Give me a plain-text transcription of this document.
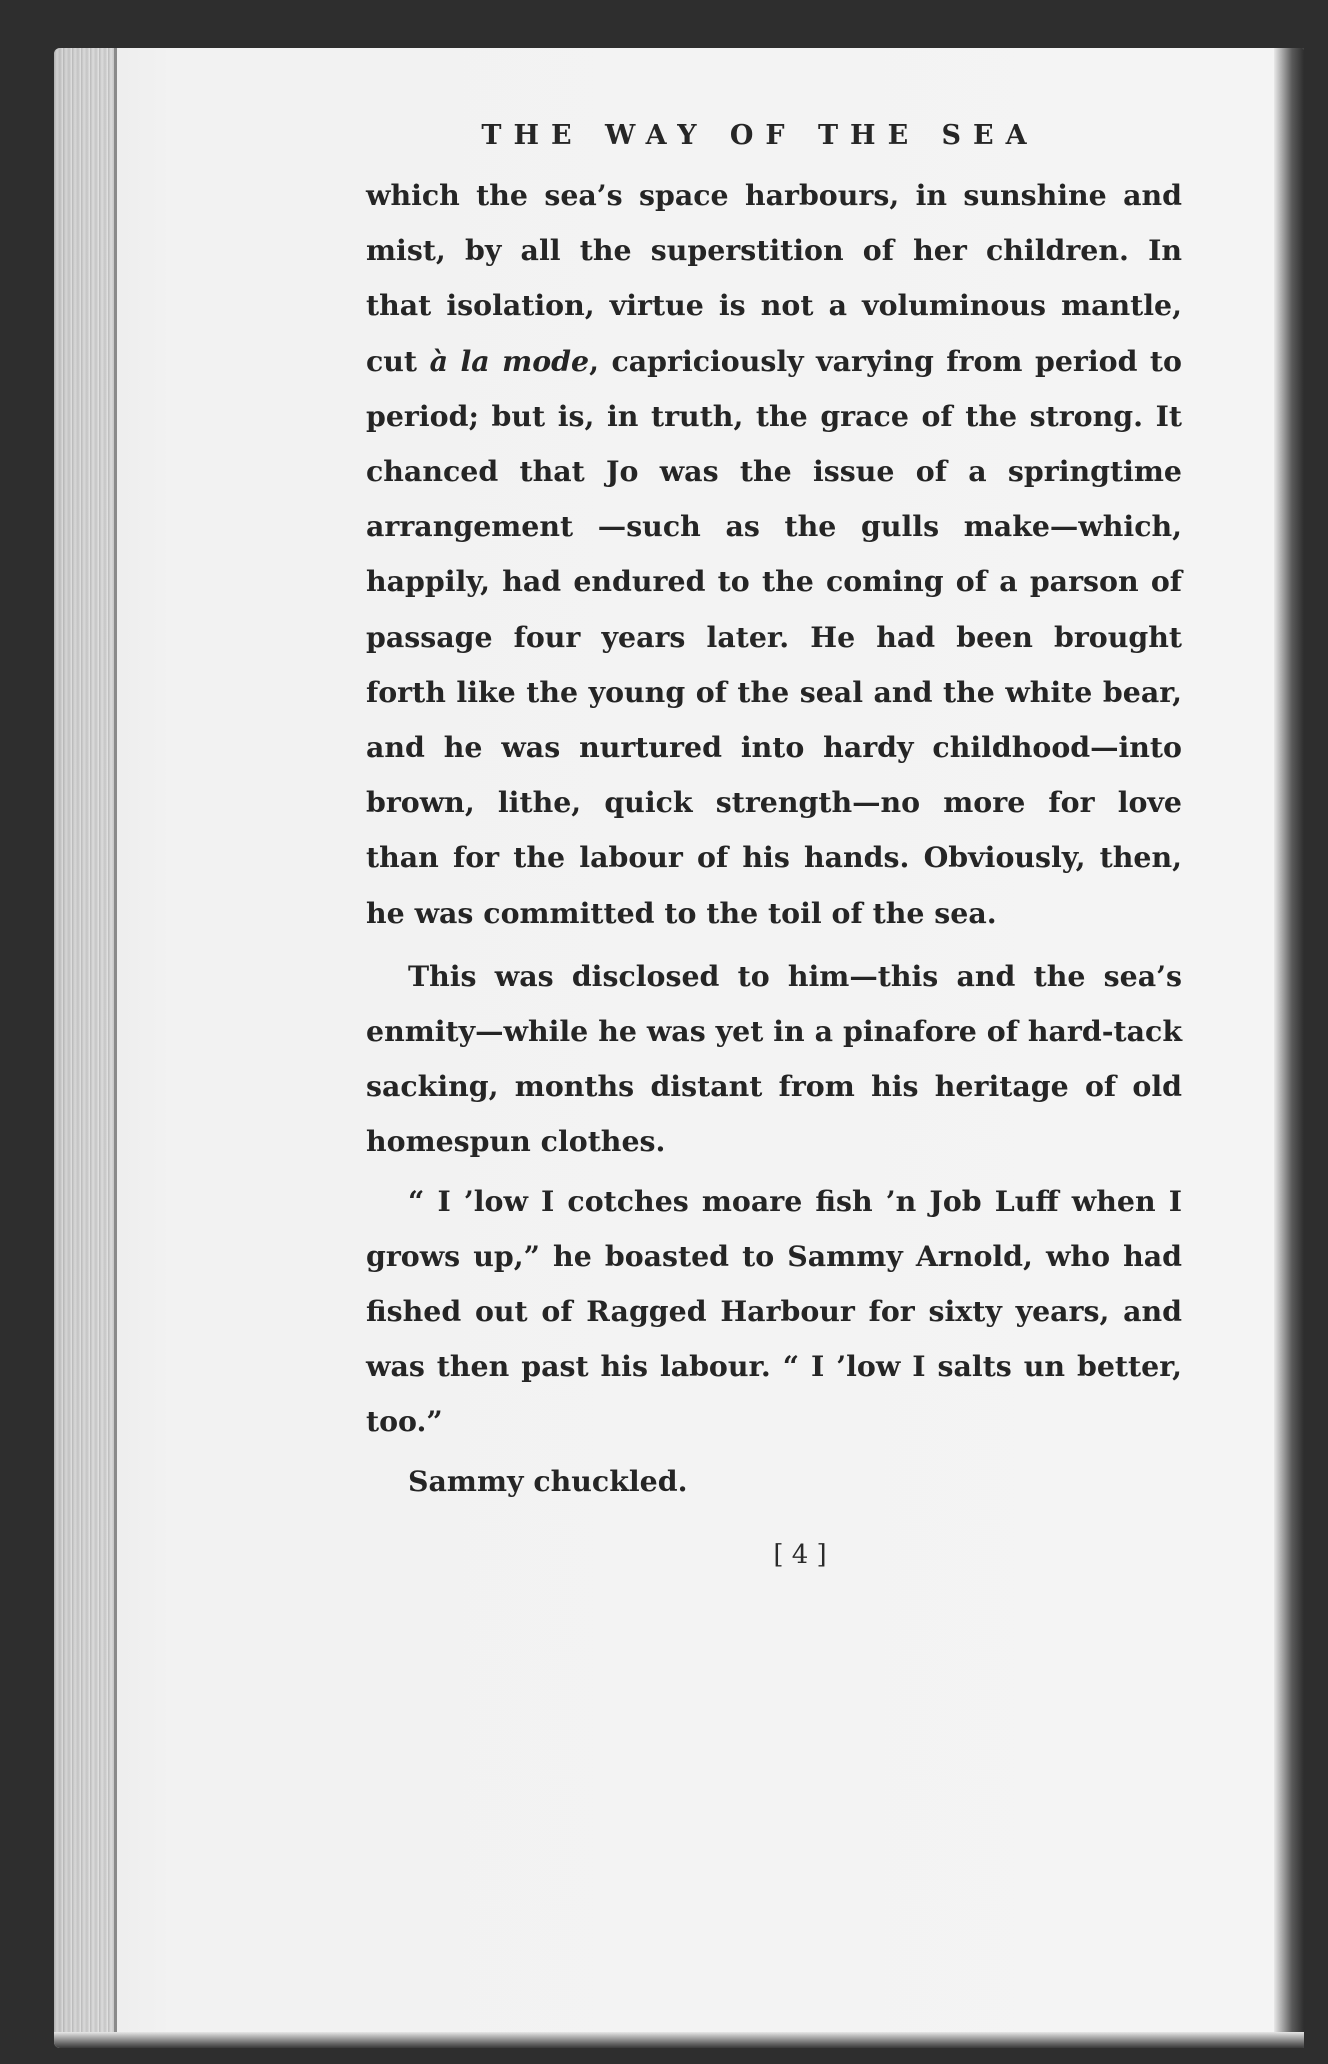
THE WAY OF THE SEA

which the sea’s space harbours, in sunshine and mist, by all the superstition of her children. In that isolation, virtue is not a voluminous mantle, cut à la mode, capriciously varying from period to period; but is, in truth, the grace of the strong. It chanced that Jo was the issue of a springtime arrangement —such as the gulls make—which, happily, had endured to the coming of a parson of passage four years later. He had been brought forth like the young of the seal and the white bear, and he was nurtured into hardy childhood—into brown, lithe, quick strength—no more for love than for the labour of his hands. Obviously, then, he was committed to the toil of the sea.

This was disclosed to him—this and the sea’s enmity—while he was yet in a pinafore of hard-tack sacking, months distant from his heritage of old homespun clothes.

“ I ’low I cotches moare fish ’n Job Luff when I grows up,” he boasted to Sammy Arnold, who had fished out of Ragged Harbour for sixty years, and was then past his labour. “ I ’low I salts un better, too.”

Sammy chuckled.

[ 4 ]
